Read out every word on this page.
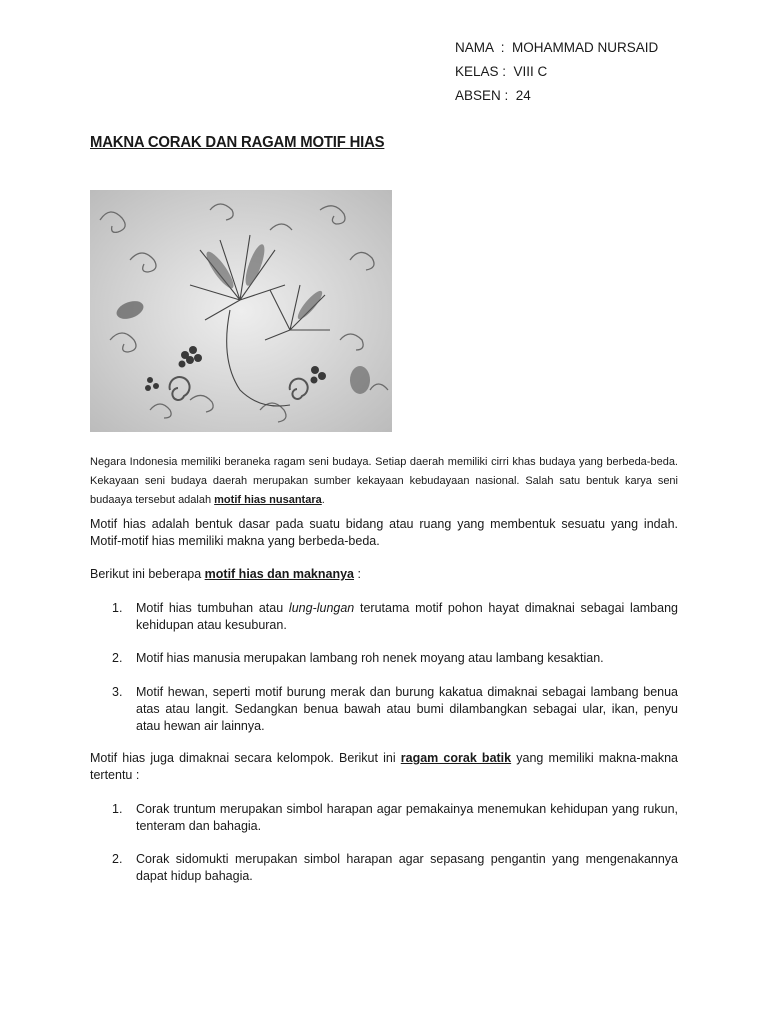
NAMA  :  MOHAMMAD NURSAID
KELAS :  VIII C
ABSEN :  24
MAKNA CORAK DAN RAGAM MOTIF HIAS
Negara Indonesia memiliki beraneka ragam seni budaya. Setiap daerah memiliki cirri khas budaya yang berbeda-beda. Kekayaan seni budaya daerah merupakan sumber kekayaan kebudayaan nasional. Salah satu bentuk karya seni budaaya tersebut adalah motif hias nusantara.
Motif hias adalah bentuk dasar pada suatu bidang atau ruang yang membentuk sesuatu yang indah. Motif-motif hias memiliki makna yang berbeda-beda.
Berikut ini beberapa motif hias dan maknanya :
1. Motif hias tumbuhan atau lung-lungan terutama motif pohon hayat dimaknai sebagai lambang kehidupan atau kesuburan.
2. Motif hias manusia merupakan lambang roh nenek moyang atau lambang kesaktian.
3. Motif hewan, seperti motif burung merak dan burung kakatua dimaknai sebagai lambang benua atas atau langit. Sedangkan benua bawah atau bumi dilambangkan sebagai ular, ikan, penyu atau hewan air lainnya.
Motif hias juga dimaknai secara kelompok. Berikut ini ragam corak batik yang memiliki makna-makna tertentu :
1. Corak truntum merupakan simbol harapan agar pemakainya menemukan kehidupan yang rukun, tenteram dan bahagia.
2. Corak sidomukti merupakan simbol harapan agar sepasang pengantin yang mengenakannya dapat hidup bahagia.
